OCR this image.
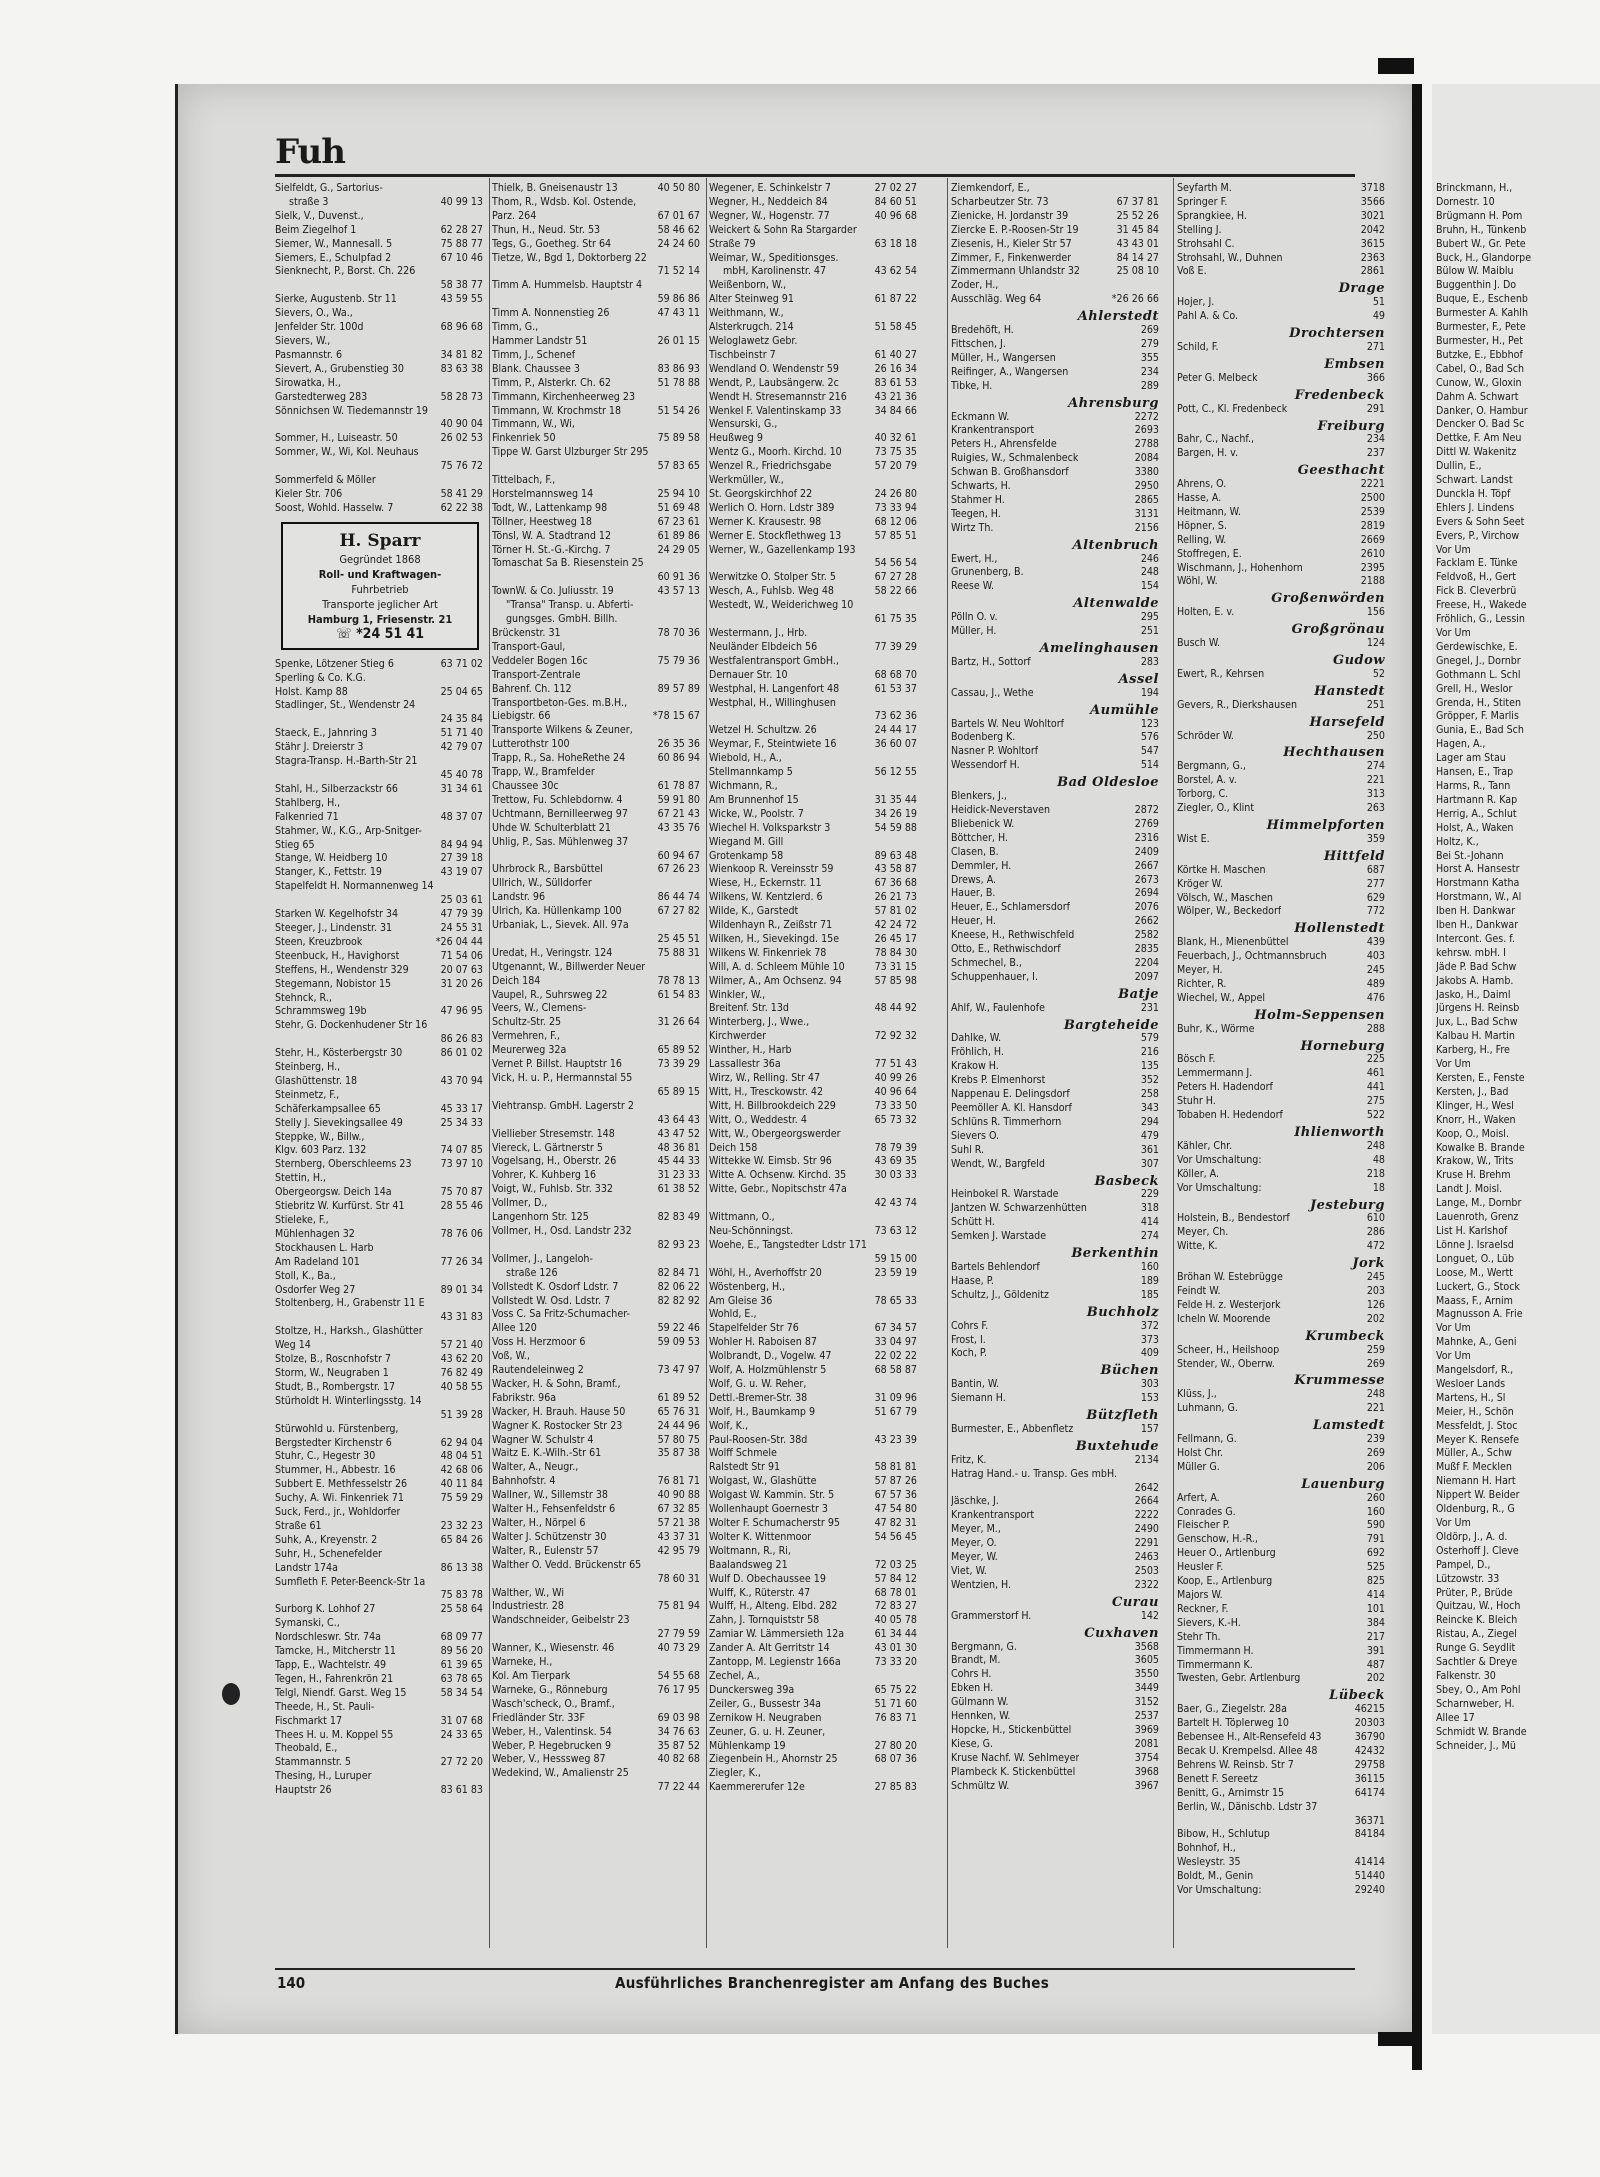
Fuh
Sielfeldt, G., Sartorius-
straße 3	40 99 13
Sielk, V., Duvenst.,
Beim Ziegelhof 1	62 28 27
Siemer, W., Mannesall. 5	75 88 77
Siemers, E., Schulpfad 2	67 10 46
Sienknecht, P., Borst. Ch. 226
58 38 77
Sierke, Augustenb. Str 11	43 59 55
Sievers, O., Wa.,
Jenfelder Str. 100d	68 96 68
Sievers, W.,
Pasmannstr. 6	34 81 82
Sievert, A., Grubenstieg 30	83 63 38
Sirowatka, H.,
Garstedterweg 283	58 28 73
Sönnichsen W. Tiedemannstr 19
40 90 04
Sommer, H., Luiseastr. 50	26 02 53
Sommer, W., Wi, Kol. Neuhaus
75 76 72
Sommerfeld & Möller
Kieler Str. 706	58 41 29
Soost, Wohld. Hasselw. 7	62 22 38
H. Sparr
Gegründet 1868
Roll- und Kraftwagen-
Fuhrbetrieb
Transporte jeglicher Art
Hamburg 1, Friesenstr. 21
☏ *24 51 41
Spenke, Lötzener Stieg 6	63 71 02
Sperling & Co. K.G.
Holst. Kamp 88	25 04 65
Stadlinger, St., Wendenstr 24
24 35 84
Staeck, E., Jahnring 3	51 71 40
Stähr J. Dreierstr 3	42 79 07
Stagra-Transp. H.-Barth-Str 21
45 40 78
Stahl, H., Silberzackstr 66	31 34 61
Stahlberg, H.,
Falkenried 71	48 37 07
Stahmer, W., K.G., Arp-Snitger-
Stieg 65	84 94 94
Stange, W. Heidberg 10	27 39 18
Stanger, K., Fettstr. 19	43 19 07
Stapelfeldt H. Normannenweg 14
25 03 61
Starken W. Kegelhofstr 34	47 79 39
Steeger, J., Lindenstr. 31	24 55 31
Steen, Kreuzbrook	*26 04 44
Steenbuck, H., Havighorst	71 54 06
Steffens, H., Wendenstr 329	20 07 63
Stegemann, Nobistor 15	31 20 26
Stehnck, R.,
Schrammsweg 19b	47 96 95
Stehr, G. Dockenhudener Str 16
86 26 83
Stehr, H., Kösterbergstr 30	86 01 02
Steinberg, H.,
Glashüttenstr. 18	43 70 94
Steinmetz, F.,
Schäferkampsallee 65	45 33 17
Stelly J. Sievekingsallee 49	25 34 33
Steppke, W., Billw.,
Klgv. 603 Parz. 132	74 07 85
Sternberg, Oberschleems 23	73 97 10
Stettin, H.,
Obergeorgsw. Deich 14a	75 70 87
Stiebritz W. Kurfürst. Str 41	28 55 46
Stieleke, F.,
Mühlenhagen 32	78 76 06
Stockhausen L. Harb
Am Radeland 101	77 26 34
Stoll, K., Ba.,
Osdorfer Weg 27	89 01 34
Stoltenberg, H., Grabenstr 11 E
43 31 83
Stoltze, H., Harksh., Glashütter
Weg 14	57 21 40
Stolze, B., Roscnhofstr 7	43 62 20
Storm, W., Neugraben 1	76 82 49
Studt, B., Rombergstr. 17	40 58 55
Stürholdt H. Winterlingsstg. 14
51 39 28
Stürwohld u. Fürstenberg,
Bergstedter Kirchenstr 6	62 94 04
Stuhr, C., Hegestr 30	48 04 51
Stummer, H., Abbestr. 16	42 68 06
Subbert E. Methfesselstr 26	40 11 84
Suchy, A. Wi. Finkenriek 71	75 59 29
Suck, Ferd., jr., Wohldorfer
Straße 61	23 32 23
Suhk, A., Kreyenstr. 2	65 84 26
Suhr, H., Schenefelder
Landstr 174a	86 13 38
Sumfleth F. Peter-Beenck-Str 1a
75 83 78
Surborg K. Lohhof 27	25 58 64
Symanski, C.,
Nordschleswr. Str. 74a	68 09 77
Tamcke, H., Mitcherstr 11	89 56 20
Tapp, E., Wachtelstr. 49	61 39 65
Tegen, H., Fahrenkrön 21	63 78 65
Telgl, Niendf. Garst. Weg 15	58 34 54
Theede, H., St. Pauli-
Fischmarkt 17	31 07 68
Thees H. u. M. Koppel 55	24 33 65
Theobald, E.,
Stammannstr. 5	27 72 20
Thesing, H., Luruper
Hauptstr 26	83 61 83
Thielk, B. Gneisenaustr 13	40 50 80
Thom, R., Wdsb. Kol. Ostende,
Parz. 264	67 01 67
Thun, H., Neud. Str. 53	58 46 62
Tegs, G., Goetheg. Str 64	24 24 60
Tietze, W., Bgd 1, Doktorberg 22
71 52 14
Timm A. Hummelsb. Hauptstr 4
59 86 86
Timm A. Nonnenstieg 26	47 43 11
Timm, G.,
Hammer Landstr 51	26 01 15
Timm, J., Schenef
Blank. Chaussee 3	83 86 93
Timm, P., Alsterkr. Ch. 62	51 78 88
Timmann, Kirchenheerweg 23
Timmann, W. Krochmstr 18	51 54 26
Timmann, W., Wi,
Finkenriek 50	75 89 58
Tippe W. Garst Ulzburger Str 295
57 83 65
Tittelbach, F.,
Horstelmannsweg 14	25 94 10
Todt, W., Lattenkamp 98	51 69 48
Töllner, Heestweg 18	67 23 61
Tönsl, W. A. Stadtrand 12	61 89 86
Törner H. St.-G.-Kirchg. 7	24 29 05
Tomaschat Sa B. Riesenstein 25
60 91 36
TownW. & Co. Juliusstr. 19	43 57 13
"Transa" Transp. u. Abferti-
gungsges. GmbH. Billh.
Brückenstr. 31	78 70 36
Transport-Gaul,
Veddeler Bogen 16c	75 79 36
Transport-Zentrale
Bahrenf. Ch. 112	89 57 89
Transportbeton-Ges. m.B.H.,
Liebigstr. 66	*78 15 67
Transporte Wilkens & Zeuner,
Lutterothstr 100	26 35 36
Trapp, R., Sa. HoheRethe 24	60 86 94
Trapp, W., Bramfelder
Chaussee 30c	61 78 87
Trettow, Fu. Schlebdornw. 4	59 91 80
Uchtmann, Bernilleerweg 97	67 21 43
Uhde W. Schulterblatt 21	43 35 76
Uhlig, P., Sas. Mühlenweg 37
60 94 67
Uhrbrock R., Barsbüttel	67 26 23
Ullrich, W., Sülldorfer
Landstr. 96	86 44 74
Ulrich, Ka. Hüllenkamp 100	67 27 82
Urbaniak, L., Sievek. All. 97a
25 45 51
Uredat, H., Veringstr. 124	75 88 31
Utgenannt, W., Billwerder Neuer
Deich 184	78 78 13
Vaupel, R., Suhrsweg 22	61 54 83
Veers, W., Clemens-
Schultz-Str. 25	31 26 64
Vermehren, F.,
Meurerweg 32a	65 89 52
Vernet P. Billst. Hauptstr 16	73 39 29
Vick, H. u. P., Hermannstal 55
65 89 15
Viehtransp. GmbH. Lagerstr 2
43 64 43
Viellieber Stresemstr. 148	43 47 52
Viereck, L. Gärtnerstr 5	48 36 81
Vogelsang, H., Oberstr. 26	45 44 33
Vohrer, K. Kuhberg 16	31 23 33
Voigt, W., Fuhlsb. Str. 332	61 38 52
Vollmer, D.,
Langenhorn Str. 125	82 83 49
Vollmer, H., Osd. Landstr 232
82 93 23
Vollmer, J., Langeloh-
straße 126	82 84 71
Vollstedt K. Osdorf Ldstr. 7	82 06 22
Vollstedt W. Osd. Ldstr. 7	82 82 92
Voss C. Sa Fritz-Schumacher-
Allee 120	59 22 46
Voss H. Herzmoor 6	59 09 53
Voß, W.,
Rautendeleinweg 2	73 47 97
Wacker, H. & Sohn, Bramf.,
Fabrikstr. 96a	61 89 52
Wacker, H. Brauh. Hause 50	65 76 31
Wagner K. Rostocker Str 23	24 44 96
Wagner W. Schulstr 4	57 80 75
Waitz E. K.-Wilh.-Str 61	35 87 38
Walter, A., Neugr.,
Bahnhofstr. 4	76 81 71
Wallner, W., Sillemstr 38	40 90 88
Walter H., Fehsenfeldstr 6	67 32 85
Walter, H., Nörpel 6	57 21 38
Walter J. Schützenstr 30	43 37 31
Walter, R., Eulenstr 57	42 95 79
Walther O. Vedd. Brückenstr 65
78 60 31
Walther, W., Wi
Industriestr. 28	75 81 94
Wandschneider, Geibelstr 23
27 79 59
Wanner, K., Wiesenstr. 46	40 73 29
Warneke, H.,
Kol. Am Tierpark	54 55 68
Warneke, G., Rönneburg	76 17 95
Wasch'scheck, O., Bramf.,
Friedländer Str. 33F	69 03 98
Weber, H., Valentinsk. 54	34 76 63
Weber, P. Hegebrucken 9	35 87 52
Weber, V., Hesssweg 87	40 82 68
Wedekind, W., Amalienstr 25
77 22 44
Wegener, E. Schinkelstr 7	27 02 27
Wegner, H., Neddeich 84	84 60 51
Wegner, W., Hogenstr. 77	40 96 68
Weickert & Sohn Ra Stargarder
Straße 79	63 18 18
Weimar, W., Speditionsges.
mbH, Karolinenstr. 47	43 62 54
Weißenborn, W.,
Alter Steinweg 91	61 87 22
Weithmann, W.,
Alsterkrugch. 214	51 58 45
Weloglawetz Gebr.
Tischbeinstr 7	61 40 27
Wendland O. Wendenstr 59	26 16 34
Wendt, P., Laubsängerw. 2c	83 61 53
Wendt H. Stresemannstr 216	43 21 36
Wenkel F. Valentinskamp 33	34 84 66
Wensurski, G.,
Heußweg 9	40 32 61
Wentz G., Moorh. Kirchd. 10	73 75 35
Wenzel R., Friedrichsgabe	57 20 79
Werkmüller, W.,
St. Georgskirchhof 22	24 26 80
Werlich O. Horn. Ldstr 389	73 33 94
Werner K. Krausestr. 98	68 12 06
Werner E. Stockflethweg 13	57 85 51
Werner, W., Gazellenkamp 193
54 56 54
Werwitzke O. Stolper Str. 5	67 27 28
Wesch, A., Fuhlsb. Weg 48	58 22 66
Westedt, W., Weiderichweg 10
61 75 35
Westermann, J., Hrb.
Neuländer Elbdeich 56	77 39 29
Westfalentransport GmbH.,
Dernauer Str. 10	68 68 70
Westphal, H. Langenfort 48	61 53 37
Westphal, H., Willinghusen
73 62 36
Wetzel H. Schultzw. 26	24 44 17
Weymar, F., Steintwiete 16	36 60 07
Wiebold, H., A.,
Stellmannkamp 5	56 12 55
Wichmann, R.,
Am Brunnenhof 15	31 35 44
Wicke, W., Poolstr. 7	34 26 19
Wiechel H. Volksparkstr 3	54 59 88
Wiegand M. Gill
Grotenkamp 58	89 63 48
Wienkoop R. Vereinsstr 59	43 58 87
Wiese, H., Eckernstr. 11	67 36 68
Wilkens, W. Kentzlerd. 6	26 21 73
Wilde, K., Garstedt	57 81 02
Wildenhayn R., Zeißstr 71	42 24 72
Wilken, H., Sievekingd. 15e	26 45 17
Wilkens W. Finkenriek 78	78 84 30
Will, A. d. Schleem Mühle 10	73 31 15
Wilmer, A., Am Ochsenz. 94	57 85 98
Winkler, W.,
Breitenf. Str. 13d	48 44 92
Winterberg, J., Wwe.,
Kirchwerder	72 92 32
Winther, H., Harb
Lassallestr 36a	77 51 43
Wirz, W., Relling. Str 47	40 99 26
Witt, H., Tresckowstr. 42	40 96 64
Witt, H. Billbrookdeich 229	73 33 50
Witt, O., Weddestr. 4	65 73 32
Witt, W., Obergeorgswerder
Deich 158	78 79 39
Wittekke W. Eimsb. Str 96	43 69 35
Witte A. Ochsenw. Kirchd. 35	30 03 33
Witte, Gebr., Nopitschstr 47a
42 43 74
Wittmann, O.,
Neu-Schönningst.	73 63 12
Woehe, E., Tangstedter Ldstr 171
59 15 00
Wöhl, H., Averhoffstr 20	23 59 19
Wöstenberg, H.,
Am Gleise 36	78 65 33
Wohld, E.,
Stapelfelder Str 76	67 34 57
Wohler H. Raboisen 87	33 04 97
Wolbrandt, D., Vogelw. 47	22 02 22
Wolf, A. Holzmühlenstr 5	68 58 87
Wolf, G. u. W. Reher,
Dettl.-Bremer-Str. 38	31 09 96
Wolf, H., Baumkamp 9	51 67 79
Wolf, K.,
Paul-Roosen-Str. 38d	43 23 39
Wolff Schmele
Ralstedt Str 91	58 81 81
Wolgast, W., Glashütte	57 87 26
Wolgast W. Kammin. Str. 5	67 57 36
Wollenhaupt Goernestr 3	47 54 80
Wolter F. Schumacherstr 95	47 82 31
Wolter K. Wittenmoor	54 56 45
Woltmann, R., Ri,
Baalandsweg 21	72 03 25
Wulf D. Obechaussee 19	57 84 12
Wulff, K., Rüterstr. 47	68 78 01
Wulff, H., Alteng. Elbd. 282	72 83 27
Zahn, J. Tornquiststr 58	40 05 78
Zamiar W. Lämmersieth 12a	61 34 44
Zander A. Alt Gerritstr 14	43 01 30
Zantopp, M. Legienstr 166a	73 33 20
Zechel, A.,
Dunckersweg 39a	65 75 22
Zeiler, G., Bussestr 34a	51 71 60
Zernikow H. Neugraben	76 83 71
Zeuner, G. u. H. Zeuner,
Mühlenkamp 19	27 80 20
Ziegenbein H., Ahornstr 25	68 07 36
Ziegler, K.,
Kaemmererufer 12e	27 85 83
Ziemkendorf, E.,
Scharbeutzer Str. 73	67 37 81
Zienicke, H. Jordanstr 39	25 52 26
Ziercke E. P.-Roosen-Str 19	31 45 84
Ziesenis, H., Kieler Str 57	43 43 01
Zimmer, F., Finkenwerder	84 14 27
Zimmermann Uhlandstr 32	25 08 10
Zoder, H.,
Ausschläg. Weg 64	*26 26 66
Ahlerstedt
Bredehöft, H.	269
Fittschen, J.	279
Müller, H., Wangersen	355
Reifinger, A., Wangersen	234
Tibke, H.	289
Ahrensburg
Eckmann W.	2272
Krankentransport	2693
Peters H., Ahrensfelde	2788
Ruigies, W., Schmalenbeck	2084
Schwan B. Großhansdorf	3380
Schwarts, H.	2950
Stahmer H.	2865
Teegen, H.	3131
Wirtz Th.	2156
Altenbruch
Ewert, H.,	246
Grunenberg, B.	248
Reese W.	154
Altenwalde
Pölln O. v.	295
Müller, H.	251
Amelinghausen
Bartz, H., Sottorf	283
Assel
Cassau, J., Wethe	194
Aumühle
Bartels W. Neu Wohltorf	123
Bodenberg K.	576
Nasner P. Wohltorf	547
Wessendorf H.	514
Bad Oldesloe
Blenkers, J.,
Heidick-Neverstaven	2872
Bliebenick W.	2769
Böttcher, H.	2316
Clasen, B.	2409
Demmler, H.	2667
Drews, A.	2673
Hauer, B.	2694
Heuer, E., Schlamersdorf	2076
Heuer, H.	2662
Kneese, H., Rethwischfeld	2582
Otto, E., Rethwischdorf	2835
Schmechel, B.,	2204
Schuppenhauer, I.	2097
Batje
Ahlf, W., Faulenhofe	231
Bargteheide
Dahlke, W.	579
Fröhlich, H.	216
Krakow H.	135
Krebs P. Elmenhorst	352
Nappenau E. Delingsdorf	258
Peemöller A. Kl. Hansdorf	343
Schlüns R. Timmerhorn	294
Sievers O.	479
Suhl R.	361
Wendt, W., Bargfeld	307
Basbeck
Heinbokel R. Warstade	229
Jantzen W. Schwarzenhütten	318
Schütt H.	414
Semken J. Warstade	274
Berkenthin
Bartels Behlendorf	160
Haase, P.	189
Schultz, J., Göldenitz	185
Buchholz
Cohrs F.	372
Frost, I.	373
Koch, P.	409
Büchen
Bantin, W.	303
Siemann H.	153
Bützfleth
Burmester, E., Abbenfletz	157
Buxtehude
Fritz, K.	2134
Hatrag Hand.- u. Transp. Ges mbH.
2642
Jäschke, J.	2664
Krankentransport	2222
Meyer, M.,	2490
Meyer, O.	2291
Meyer, W.	2463
Viet, W.	2503
Wentzien, H.	2322
Curau
Grammerstorf H.	142
Cuxhaven
Bergmann, G.	3568
Brandt, M.	3605
Cohrs H.	3550
Ebken H.	3449
Gülmann W.	3152
Hennken, W.	2537
Hopcke, H., Stickenbüttel	3969
Kiese, G.	2081
Kruse Nachf. W. Sehlmeyer	3754
Plambeck K. Stickenbüttel	3968
Schmültz W.	3967
Seyfarth M.	3718
Springer F.	3566
Sprangkiee, H.	3021
Stelling J.	2042
Strohsahl C.	3615
Strohsahl, W., Duhnen	2363
Voß E.	2861
Drage
Hojer, J.	51
Pahl A. & Co.	49
Drochtersen
Schild, F.	271
Embsen
Peter G. Melbeck	366
Fredenbeck
Pott, C., Kl. Fredenbeck	291
Freiburg
Bahr, C., Nachf.,	234
Bargen, H. v.	237
Geesthacht
Ahrens, O.	2221
Hasse, A.	2500
Heitmann, W.	2539
Höpner, S.	2819
Relling, W.	2669
Stoffregen, E.	2610
Wischmann, J., Hohenhorn	2395
Wöhl, W.	2188
Großenwörden
Holten, E. v.	156
Großgrönau
Busch W.	124
Gudow
Ewert, R., Kehrsen	52
Hanstedt
Gevers, R., Dierkshausen	251
Harsefeld
Schröder W.	250
Hechthausen
Bergmann, G.,	274
Borstel, A. v.	221
Torborg, C.	313
Ziegler, O., Klint	263
Himmelpforten
Wist E.	359
Hittfeld
Körtke H. Maschen	687
Kröger W.	277
Völsch, W., Maschen	629
Wölper, W., Beckedorf	772
Hollenstedt
Blank, H., Mienenbüttel	439
Feuerbach, J., Ochtmannsbruch	403
Meyer, H.	245
Richter, R.	489
Wiechel, W., Appel	476
Holm-Seppensen
Buhr, K., Wörme	288
Horneburg
Bösch F.	225
Lemmermann J.	461
Peters H. Hadendorf	441
Stuhr H.	275
Tobaben H. Hedendorf	522
Ihlienworth
Kähler, Chr.	248
Vor Umschaltung:	48
Köller, A.	218
Vor Umschaltung:	18
Jesteburg
Holstein, B., Bendestorf	610
Meyer, Ch.	286
Witte, K.	472
Jork
Bröhan W. Estebrügge	245
Feindt W.	203
Felde H. z. Westerjork	126
Icheln W. Moorende	202
Krumbeck
Scheer, H., Heilshoop	259
Stender, W., Oberrw.	269
Krummesse
Klüss, J.,	248
Luhmann, G.	221
Lamstedt
Fellmann, G.	239
Holst Chr.	269
Müller G.	206
Lauenburg
Arfert, A.	260
Conrades G.	160
Fleischer P.	590
Genschow, H.-R.,	791
Heuer O., Artlenburg	692
Heusler F.	525
Koop, E., Artlenburg	825
Majors W.	414
Reckner, F.	101
Sievers, K.-H.	384
Stehr Th.	217
Timmermann H.	391
Timmermann K.	487
Twesten, Gebr. Artlenburg	202
Lübeck
Baer, G., Ziegelstr. 28a	46215
Bartelt H. Töplerweg 10	20303
Bebensee H., Alt-Rensefeld 43	36790
Becak U. Krempelsd. Allee 48	42432
Behrens W. Reinsb. Str 7	29758
Benett F. Sereetz	36115
Benitt, G., Arnimstr 15	64174
Berlin, W., Dänischb. Ldstr 37
36371
Bibow, H., Schlutup	84184
Bohnhof, H.,
Wesleystr. 35	41414
Boldt, M., Genin	51440
Vor Umschaltung:	29240
Brinckmann, H.,
Dornestr. 10
Brügmann H. Pom
Bruhn, H., Tünkenb
Bubert W., Gr. Pete
Buck, H., Glandorpe
Bülow W. Maiblu
Buggenthin J. Do
Buque, E., Eschenb
Burmester A. Kahlh
Burmester, F., Pete
Burmester, H., Pet
Butzke, E., Ebbhof
Cabel, O., Bad Sch
Cunow, W., Gloxin
Dahm A. Schwart
Danker, O. Hambur
Dencker O. Bad Sc
Dettke, F. Am Neu
Dittl W. Wakenitz
Dullin, E.,
Schwart. Landst
Dunckla H. Töpf
Ehlers J. Lindens
Evers & Sohn Seet
Evers, P., Virchow
Vor Um
Facklam E. Tünke
Feldvoß, H., Gert
Fick B. Cleverbrü
Freese, H., Wakede
Fröhlich, G., Lessin
Vor Um
Gerdewischke, E.
Gnegel, J., Dornbr
Gothmann L. Schl
Grell, H., Weslor
Grenda, H., Stiten
Gröpper, F. Marlis
Gunia, E., Bad Sch
Hagen, A.,
Lager am Stau
Hansen, E., Trap
Harms, R., Tann
Hartmann R. Kap
Herrig, A., Schlut
Holst, A., Waken
Holtz, K.,
Bei St.-Johann
Horst A. Hansestr
Horstmann Katha
Horstmann, W., Al
Iben H. Dankwar
Iben H., Dankwar
Intercont. Ges. f.
kehrsw. mbH. I
Jäde P. Bad Schw
Jakobs A. Hamb.
Jasko, H., Daiml
Jürgens H. Reinsb
Jux, L., Bad Schw
Kalbau H. Martin
Karberg, H., Fre
Vor Um
Kersten, E., Fenste
Kersten, J., Bad
Klinger, H., Wesl
Knorr, H., Waken
Koop, O., Moisl.
Kowalke B. Brande
Krakow, W., Trits
Kruse H. Brehm
Landt J. Moisl.
Lange, M., Dornbr
Lauenroth, Grenz
List H. Karlshof
Lönne J. Israelsd
Longuet, O., Lüb
Loose, M., Wertt
Luckert, G., Stock
Maass, F., Arnim
Magnusson A. Frie
Vor Um
Mahnke, A., Geni
Vor Um
Mangelsdorf, R.,
Wesloer Lands
Martens, H., Sl
Meier, H., Schön
Messfeldt, J. Stoc
Meyer K. Rensefe
Müller, A., Schw
Mußf F. Mecklen
Niemann H. Hart
Nippert W. Beider
Oldenburg, R., G
Vor Um
Oldörp, J., A. d.
Osterhoff J. Cleve
Pampel, D.,
Lützowstr. 33
Prüter, P., Brüde
Quitzau, W., Hoch
Reincke K. Bleich
Ristau, A., Ziegel
Runge G. Seydlit
Sachtler & Dreye
Falkenstr. 30
Sbey, O., Am Pohl
Scharnweber, H.
Allee 17
Schmidt W. Brande
Schneider, J., Mü
140	Ausführliches Branchenregister am Anfang des Buches
